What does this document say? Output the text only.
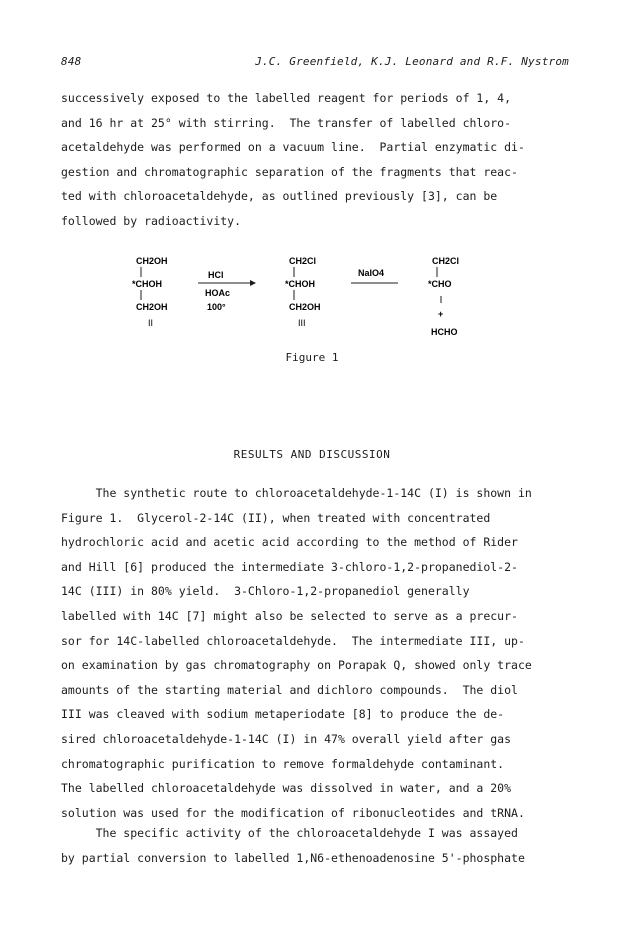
848	J.C. Greenfield, K.J. Leonard and R.F. Nystrom
successively exposed to the labelled reagent for periods of 1, 4,
and 16 hr at 25° with stirring.  The transfer of labelled chloro-
acetaldehyde was performed on a vacuum line.  Partial enzymatic di-
gestion and chromatographic separation of the fragments that reac-
ted with chloroacetaldehyde, as outlined previously [3], can be
followed by radioactivity.
CH2OH
*CHOH
CH2OH
II
HCl
HOAc
100°
CH2Cl
*CHOH
CH2OH
III
NaIO4
CH2Cl
*CHO
+
HCHO
Figure 1
RESULTS AND DISCUSSION
The synthetic route to chloroacetaldehyde-1-14C (I) is shown in
Figure 1.  Glycerol-2-14C (II), when treated with concentrated
hydrochloric acid and acetic acid according to the method of Rider
and Hill [6] produced the intermediate 3-chloro-1,2-propanediol-2-
14C (III) in 80% yield.  3-Chloro-1,2-propanediol generally
labelled with 14C [7] might also be selected to serve as a precur-
sor for 14C-labelled chloroacetaldehyde.  The intermediate III, up-
on examination by gas chromatography on Porapak Q, showed only trace
amounts of the starting material and dichloro compounds.  The diol
III was cleaved with sodium metaperiodate [8] to produce the de-
sired chloroacetaldehyde-1-14C (I) in 47% overall yield after gas
chromatographic purification to remove formaldehyde contaminant.
The labelled chloroacetaldehyde was dissolved in water, and a 20%
solution was used for the modification of ribonucleotides and tRNA.
The specific activity of the chloroacetaldehyde I was assayed
by partial conversion to labelled 1,N6-ethenoadenosine 5'-phosphate
